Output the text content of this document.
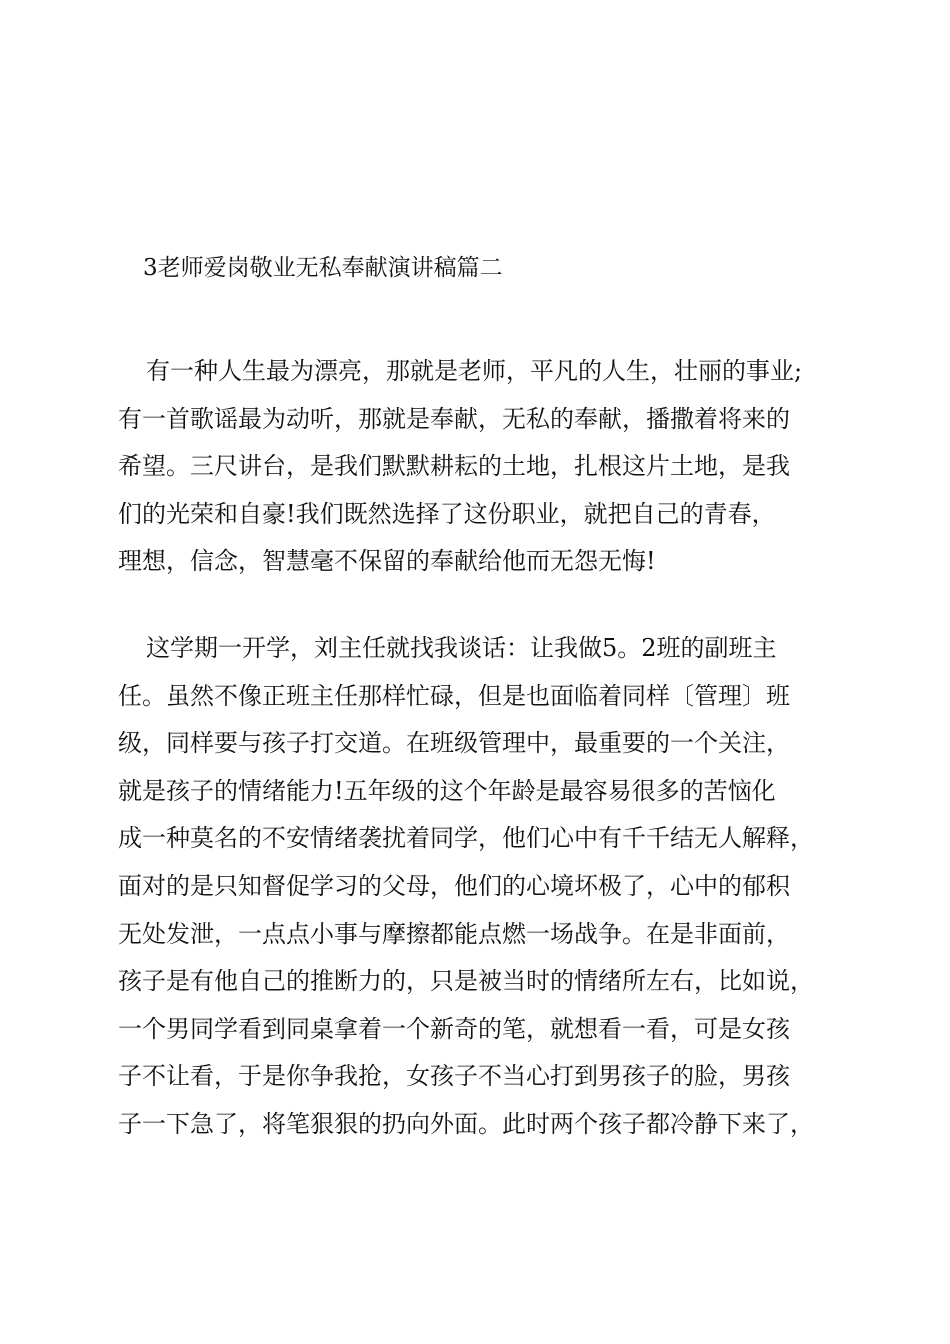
3老师爱岗敬业无私奉献演讲稿篇二
有一种人生最为漂亮，那就是老师，平凡的人生，壮丽的事业;
有一首歌谣最为动听，那就是奉献，无私的奉献，播撒着将来的
希望。三尺讲台，是我们默默耕耘的土地，扎根这片土地，是我
们的光荣和自豪!我们既然选择了这份职业，就把自己的青春，
理想，信念，智慧毫不保留的奉献给他而无怨无悔!
这学期一开学，刘主任就找我谈话：让我做5。2班的副班主
任。虽然不像正班主任那样忙碌，但是也面临着同样〔管理〕班
级，同样要与孩子打交道。在班级管理中，最重要的一个关注，
就是孩子的情绪能力!五年级的这个年龄是最容易很多的苦恼化
成一种莫名的不安情绪袭扰着同学，他们心中有千千结无人解释，
面对的是只知督促学习的父母，他们的心境坏极了，心中的郁积
无处发泄，一点点小事与摩擦都能点燃一场战争。在是非面前，
孩子是有他自己的推断力的，只是被当时的情绪所左右，比如说，
一个男同学看到同桌拿着一个新奇的笔，就想看一看，可是女孩
子不让看，于是你争我抢，女孩子不当心打到男孩子的脸，男孩
子一下急了，将笔狠狠的扔向外面。此时两个孩子都冷静下来了，
